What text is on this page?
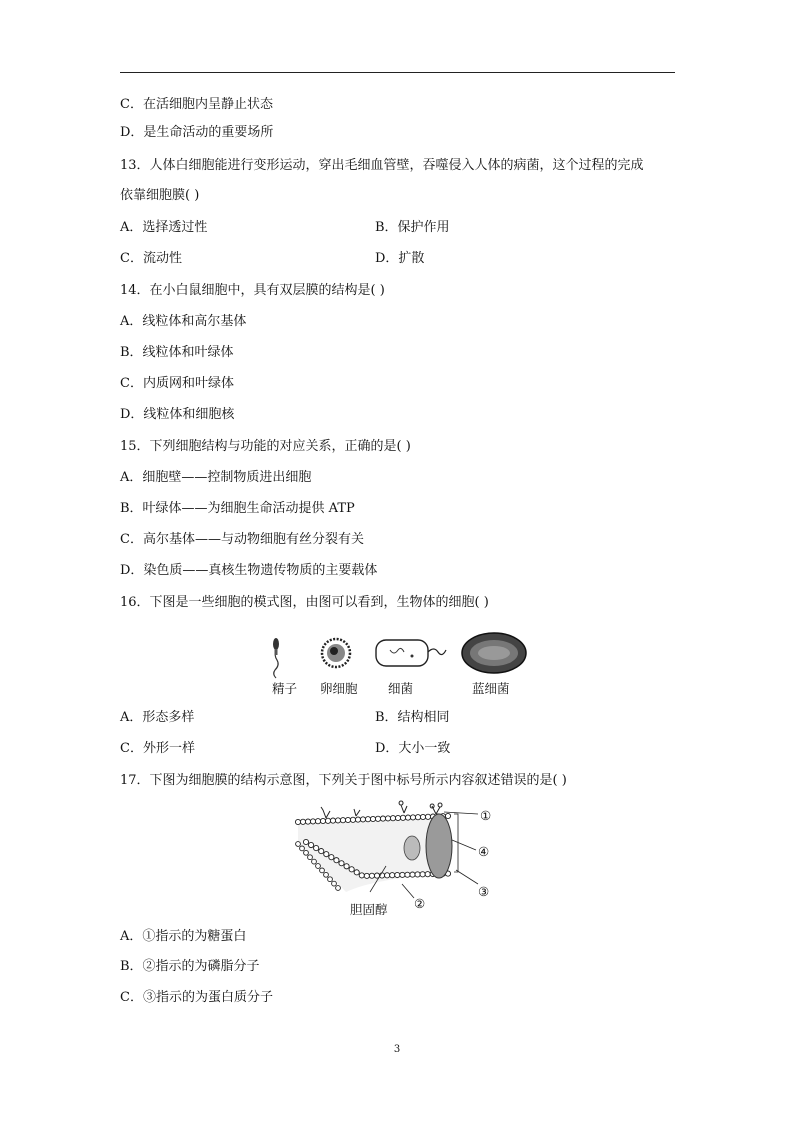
C．在活细胞内呈静止状态
D．是生命活动的重要场所
13．人体白细胞能进行变形运动，穿出毛细血管壁，吞噬侵入人体的病菌，这个过程的完成
依靠细胞膜( )
A．选择透过性	B．保护作用
C．流动性	D．扩散
14．在小白鼠细胞中，具有双层膜的结构是( )
A．线粒体和高尔基体
B．线粒体和叶绿体
C．内质网和叶绿体
D．线粒体和细胞核
15．下列细胞结构与功能的对应关系，正确的是( )
A．细胞壁——控制物质进出细胞
B．叶绿体——为细胞生命活动提供 ATP
C．高尔基体——与动物细胞有丝分裂有关
D．染色质——真核生物遗传物质的主要载体
16．下图是一些细胞的模式图，由图可以看到，生物体的细胞( )
精子 卵细胞 细菌	蓝细菌
A．形态多样	B．结构相同
C．外形一样	D．大小一致
17．下图为细胞膜的结构示意图，下列关于图中标号所示内容叙述错误的是( )
①
④
③
②
胆固醇
A．①指示的为糖蛋白
B．②指示的为磷脂分子
C．③指示的为蛋白质分子
3
